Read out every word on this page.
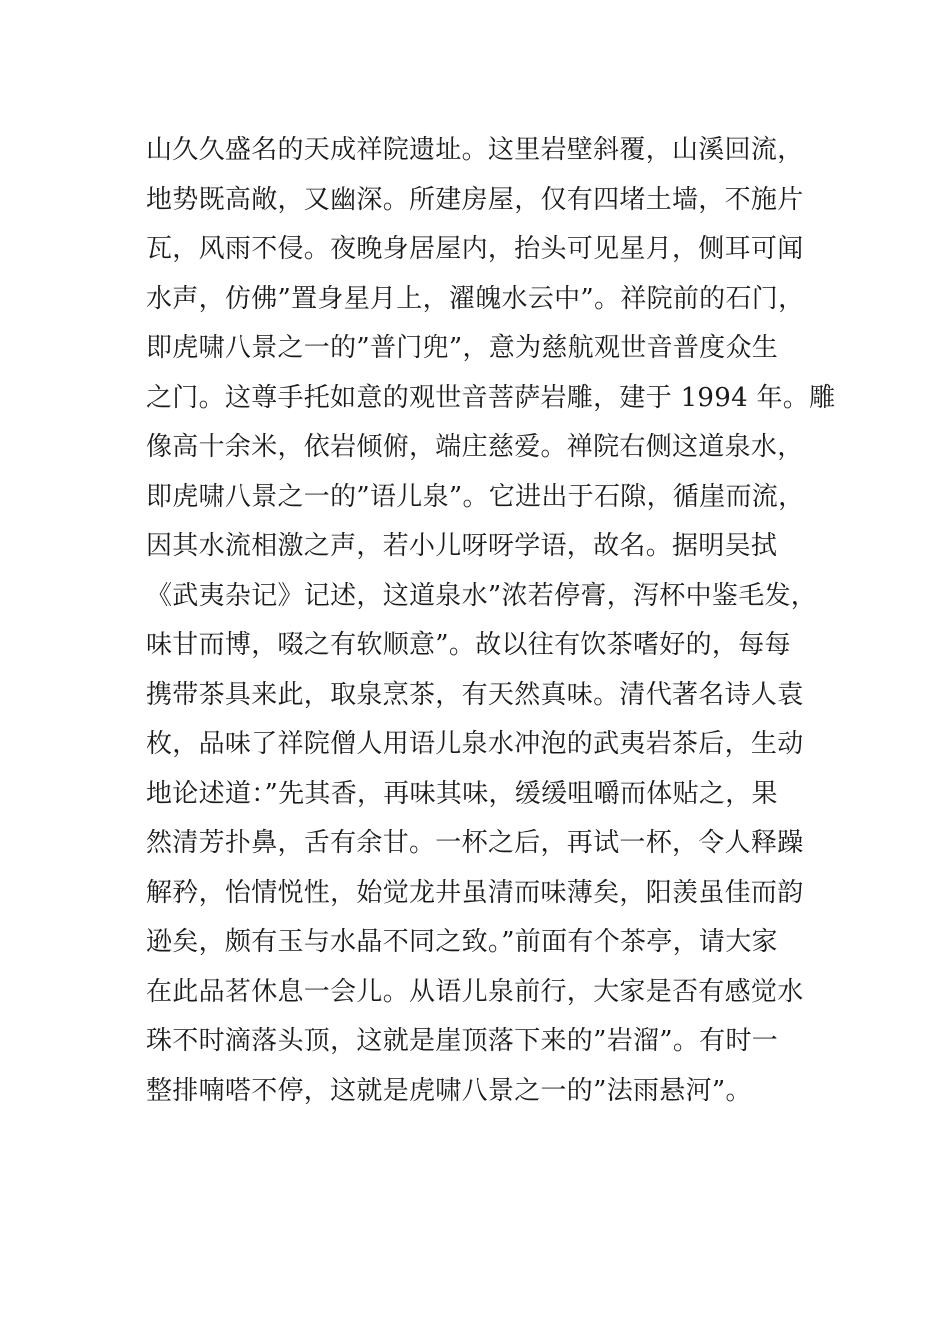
山久久盛名的天成祥院遗址。这里岩壁斜覆，山溪回流，
地势既高敞，又幽深。所建房屋，仅有四堵土墙，不施片
瓦，风雨不侵。夜晚身居屋内，抬头可见星月，侧耳可闻
水声，仿佛”置身星月上，濯魄水云中”。祥院前的石门，
即虎啸八景之一的”普门兜”，意为慈航观世音普度众生
之门。这尊手托如意的观世音菩萨岩雕，建于 1994 年。雕
像高十余米，依岩倾俯，端庄慈爱。禅院右侧这道泉水，
即虎啸八景之一的”语儿泉”。它进出于石隙，循崖而流，
因其水流相激之声，若小儿呀呀学语，故名。据明吴拭
《武夷杂记》记述，这道泉水”浓若停膏，泻杯中鉴毛发，
味甘而博，啜之有软顺意”。故以往有饮茶嗜好的，每每
携带茶具来此，取泉烹茶，有天然真味。清代著名诗人袁
枚，品味了祥院僧人用语儿泉水冲泡的武夷岩茶后，生动
地论述道：”先其香，再味其味，缓缓咀嚼而体贴之，果
然清芳扑鼻，舌有余甘。一杯之后，再试一杯，令人释躁
解矜，怡情悦性，始觉龙井虽清而味薄矣，阳羡虽佳而韵
逊矣，颇有玉与水晶不同之致。”前面有个茶亭，请大家
在此品茗休息一会儿。从语儿泉前行，大家是否有感觉水
珠不时滴落头顶，这就是崖顶落下来的”岩溜”。有时一
整排喃嗒不停，这就是虎啸八景之一的”法雨悬河”。
